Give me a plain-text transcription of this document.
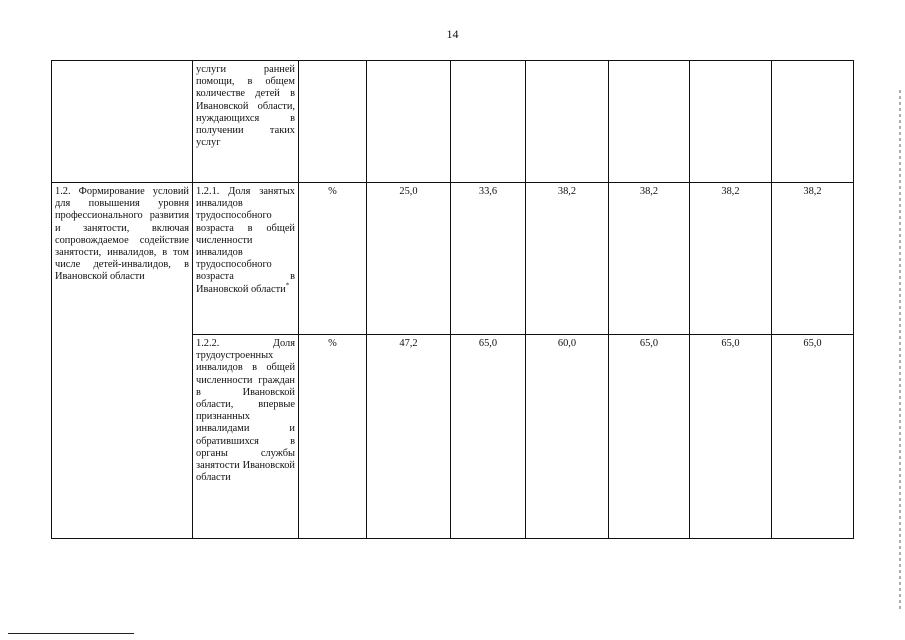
14
	услуги ранней помощи, в общем количестве детей в Ивановской области, нуждающихся в получении таких услуг							
1.2. Формирование условий для повышения уровня профессионального развития и занятости, включая сопровождаемое содействие занятости, инвалидов, в том числе детей-инвалидов, в Ивановской области	1.2.1. Доля занятых инвалидов трудоспособного возраста в общей численности инвалидов трудоспособного возраста в Ивановской области*	%	25,0	33,6	38,2	38,2	38,2	38,2
	1.2.2. Доля трудоустроенных инвалидов в общей численности граждан в Ивановской области, впервые признанных инвалидами и обратившихся в органы службы занятости Ивановской области	%	47,2	65,0	60,0	65,0	65,0	65,0
